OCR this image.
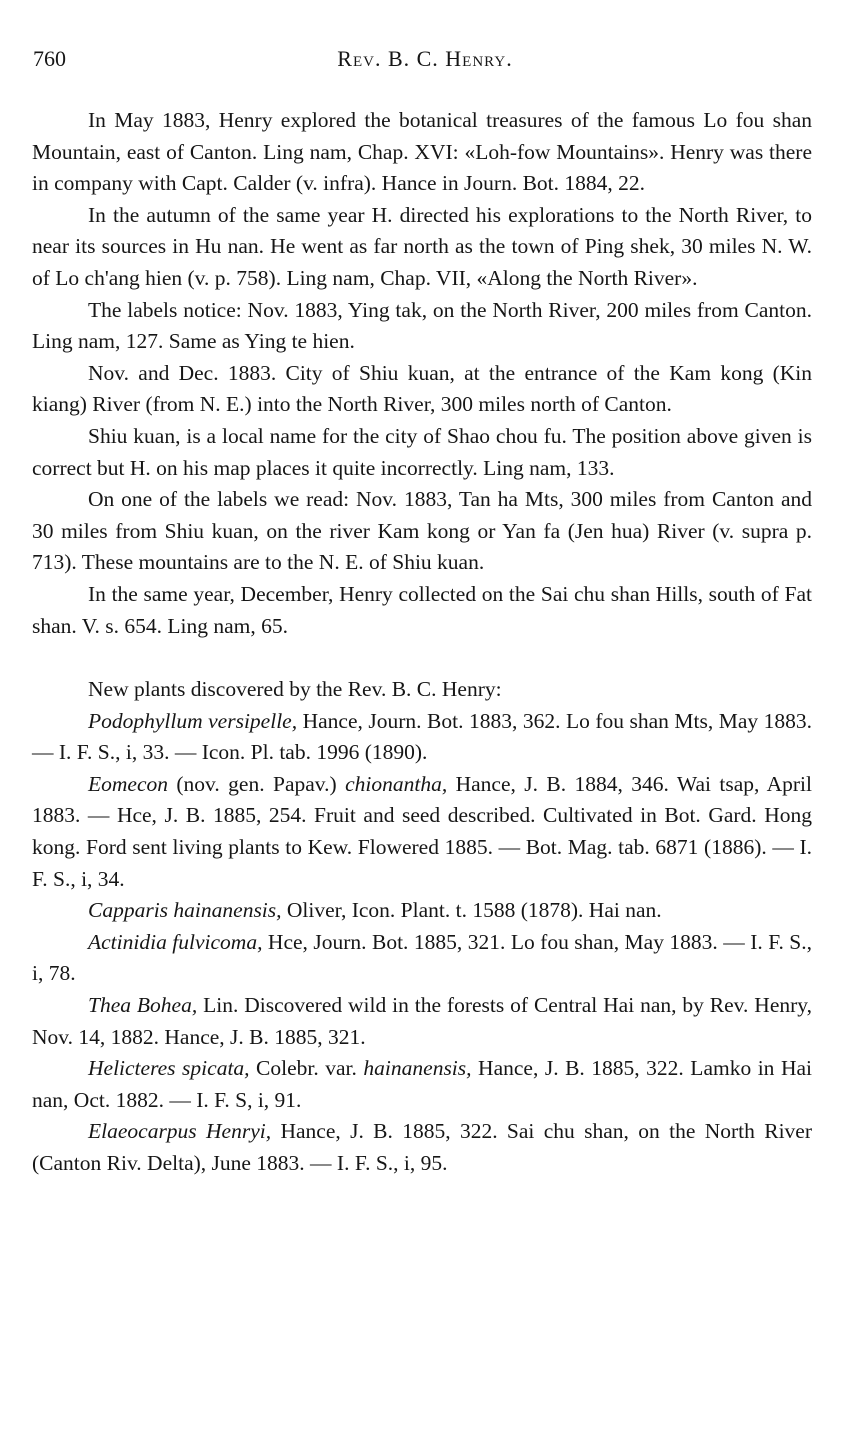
760	Rev. B. C. Henry.

In May 1883, Henry explored the botanical treasures of the famous Lo fou shan Mountain, east of Canton. Ling nam, Chap. XVI: «Loh-fow Mountains». Henry was there in company with Capt. Calder (v. infra). Hance in Journ. Bot. 1884, 22.

In the autumn of the same year H. directed his explorations to the North River, to near its sources in Hu nan. He went as far north as the town of Ping shek, 30 miles N. W. of Lo ch'ang hien (v. p. 758). Ling nam, Chap. VII, «Along the North River».

The labels notice: Nov. 1883, Ying tak, on the North River, 200 miles from Canton. Ling nam, 127. Same as Ying te hien.

Nov. and Dec. 1883. City of Shiu kuan, at the entrance of the Kam kong (Kin kiang) River (from N. E.) into the North River, 300 miles north of Canton.

Shiu kuan, is a local name for the city of Shao chou fu. The position above given is correct but H. on his map places it quite incorrectly. Ling nam, 133.

On one of the labels we read: Nov. 1883, Tan ha Mts, 300 miles from Canton and 30 miles from Shiu kuan, on the river Kam kong or Yan fa (Jen hua) River (v. supra p. 713). These mountains are to the N. E. of Shiu kuan.

In the same year, December, Henry collected on the Sai chu shan Hills, south of Fat shan. V. s. 654. Ling nam, 65.

New plants discovered by the Rev. B. C. Henry:

Podophyllum versipelle, Hance, Journ. Bot. 1883, 362. Lo fou shan Mts, May 1883. — I. F. S., i, 33. — Icon. Pl. tab. 1996 (1890).

Eomecon (nov. gen. Papav.) chionantha, Hance, J. B. 1884, 346. Wai tsap, April 1883. — Hce, J. B. 1885, 254. Fruit and seed described. Cultivated in Bot. Gard. Hong kong. Ford sent living plants to Kew. Flowered 1885. — Bot. Mag. tab. 6871 (1886). — I. F. S., i, 34.

Capparis hainanensis, Oliver, Icon. Plant. t. 1588 (1878). Hai nan.

Actinidia fulvicoma, Hce, Journ. Bot. 1885, 321. Lo fou shan, May 1883. — I. F. S., i, 78.

Thea Bohea, Lin. Discovered wild in the forests of Central Hai nan, by Rev. Henry, Nov. 14, 1882. Hance, J. B. 1885, 321.

Helicteres spicata, Colebr. var. hainanensis, Hance, J. B. 1885, 322. Lamko in Hai nan, Oct. 1882. — I. F. S, i, 91.

Elaeocarpus Henryi, Hance, J. B. 1885, 322. Sai chu shan, on the North River (Canton Riv. Delta), June 1883. — I. F. S., i, 95.
